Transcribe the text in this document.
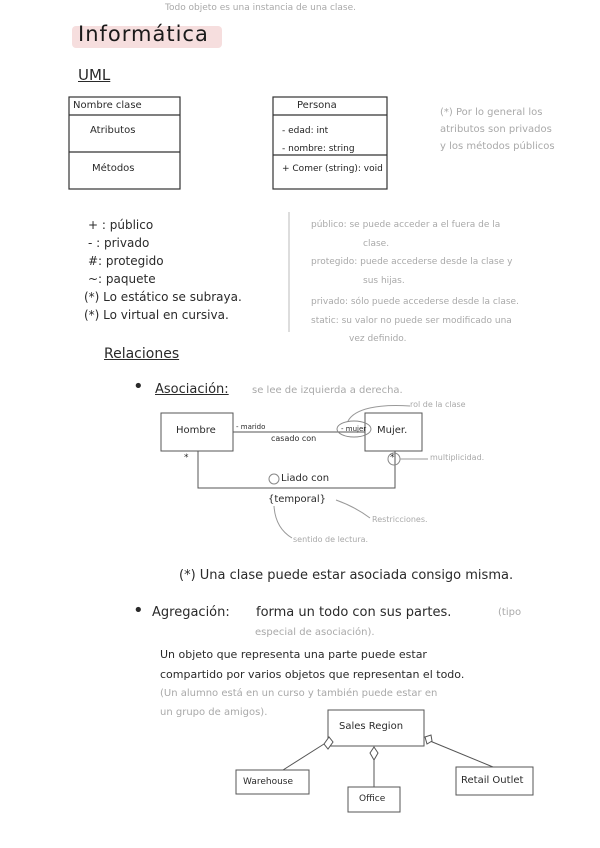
Todo objeto es una instancia de una clase.
Informática
UML
Nombre clase
Atributos
Métodos
Persona
- edad: int
- nombre: string
+ Comer (string): void
(*) Por lo general los
atributos son privados
y los métodos públicos
+ : público
- : privado
#: protegido
~: paquete
(*) Lo estático se subraya.
(*) Lo virtual en cursiva.
público: se puede acceder a el fuera de la
clase.
protegido: puede accederse desde la clase y
sus hijas.
privado: sólo puede accederse desde la clase.
static: su valor no puede ser modificado una
vez definido.
Relaciones
• Asociación: se lee de izquierda a derecha.
Hombre	Mujer.
- marido	- mujer
casado con
*	*
Liado con
{temporal}
rol de la clase
multiplicidad.
Restricciones.
sentido de lectura.
(*) Una clase puede estar asociada consigo misma.
• Agregación: forma un todo con sus partes.	(tipo
especial de asociación).
Un objeto que representa una parte puede estar
compartido por varios objetos que representan el todo.
(Un alumno está en un curso y también puede estar en
un grupo de amigos).
Sales Region
Warehouse
Office
Retail Outlet
